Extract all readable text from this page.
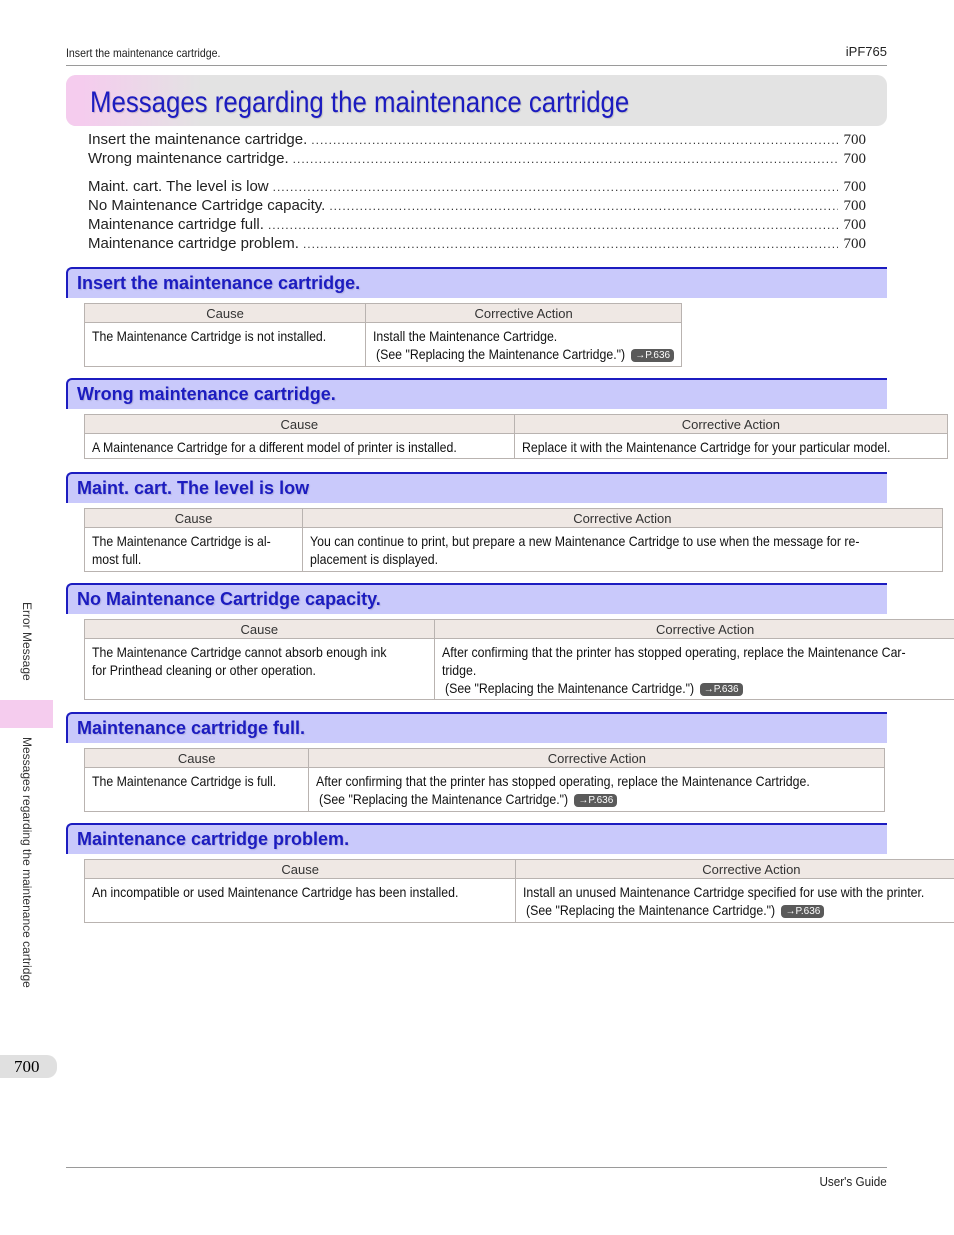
Insert the maintenance cartridge.	iPF765
Messages regarding the maintenance cartridge
Insert the maintenance cartridge. .....	700
Wrong maintenance cartridge. .....	700
Maint. cart. The level is low .....	700
No Maintenance Cartridge capacity. .....	700
Maintenance cartridge full. .....	700
Maintenance cartridge problem. .....	700
Insert the maintenance cartridge.
Cause	Corrective Action
The Maintenance Cartridge is not installed.	Install the Maintenance Cartridge.
(See "Replacing the Maintenance Cartridge.") →P.636
Wrong maintenance cartridge.
Cause	Corrective Action
A Maintenance Cartridge for a different model of printer is installed.	Replace it with the Maintenance Cartridge for your particular model.
Maint. cart. The level is low
Cause	Corrective Action
The Maintenance Cartridge is al-
most full.	You can continue to print, but prepare a new Maintenance Cartridge to use when the message for re-
placement is displayed.
No Maintenance Cartridge capacity.
Cause	Corrective Action
The Maintenance Cartridge cannot absorb enough ink
for Printhead cleaning or other operation.	After confirming that the printer has stopped operating, replace the Maintenance Car-
tridge.
(See "Replacing the Maintenance Cartridge.") →P.636
Maintenance cartridge full.
Cause	Corrective Action
The Maintenance Cartridge is full.	After confirming that the printer has stopped operating, replace the Maintenance Cartridge.
(See "Replacing the Maintenance Cartridge.") →P.636
Maintenance cartridge problem.
Cause	Corrective Action
An incompatible or used Maintenance Cartridge has been installed.	Install an unused Maintenance Cartridge specified for use with the printer.
(See "Replacing the Maintenance Cartridge.") →P.636
Error Message
Messages regarding the maintenance cartridge
700
User's Guide
